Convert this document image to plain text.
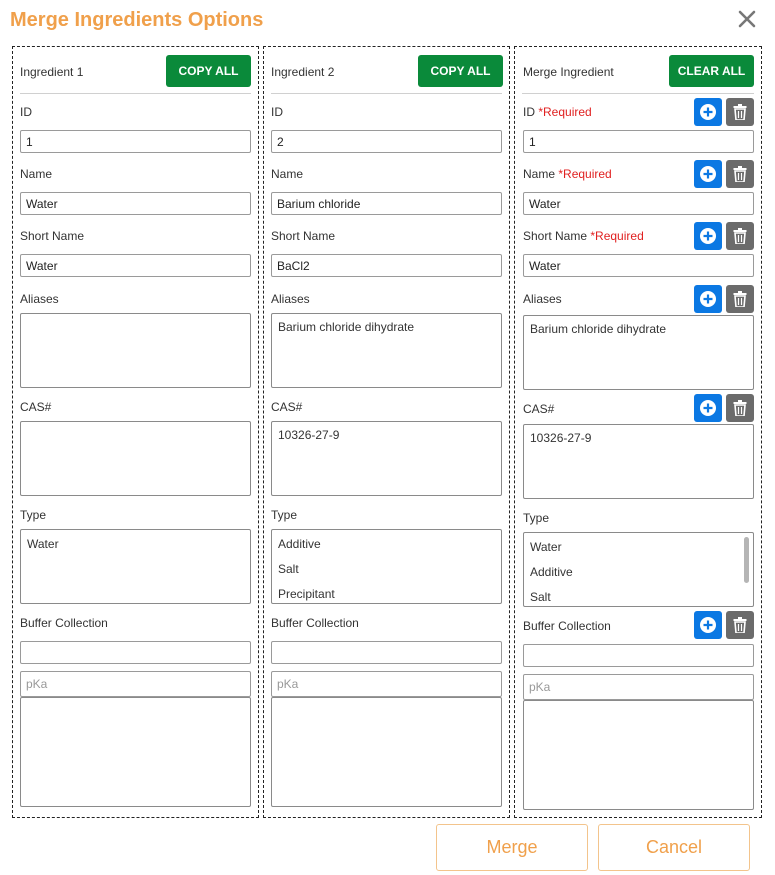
Merge Ingredients Options
Ingredient 1	COPY ALL
ID
1
Name
Water
Short Name
Water
Aliases
CAS#
Type
Water
Buffer Collection
pKa
Ingredient 2	COPY ALL
ID
2
Name
Barium chloride
Short Name
BaCl2
Aliases
Barium chloride dihydrate
CAS#
10326-27-9
Type
Additive
Salt
Precipitant
Buffer Collection
pKa
Merge Ingredient	CLEAR ALL
ID *Required
1
Name *Required
Water
Short Name *Required
Water
Aliases
Barium chloride dihydrate
CAS#
10326-27-9
Type
Water
Additive
Salt
Buffer Collection
pKa
Merge	Cancel
